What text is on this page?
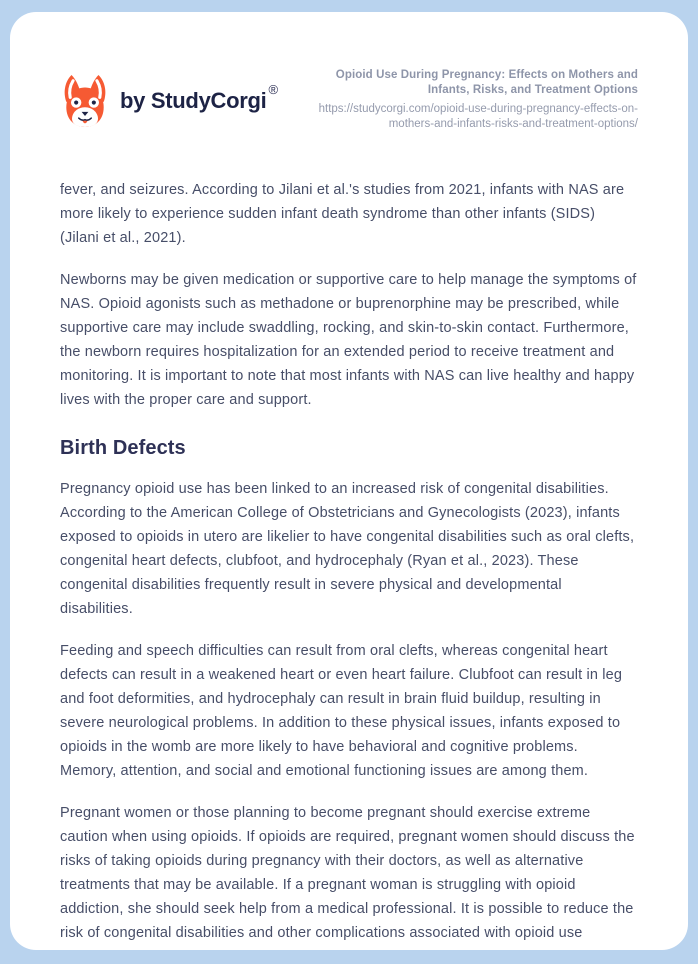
by StudyCorgi ®
Opioid Use During Pregnancy: Effects on Mothers and Infants, Risks, and Treatment Options
https://studycorgi.com/opioid-use-during-pregnancy-effects-on-mothers-and-infants-risks-and-treatment-options/

fever, and seizures. According to Jilani et al.'s studies from 2021, infants with NAS are more likely to experience sudden infant death syndrome than other infants (SIDS) (Jilani et al., 2021).

Newborns may be given medication or supportive care to help manage the symptoms of NAS. Opioid agonists such as methadone or buprenorphine may be prescribed, while supportive care may include swaddling, rocking, and skin-to-skin contact. Furthermore, the newborn requires hospitalization for an extended period to receive treatment and monitoring. It is important to note that most infants with NAS can live healthy and happy lives with the proper care and support.

Birth Defects

Pregnancy opioid use has been linked to an increased risk of congenital disabilities. According to the American College of Obstetricians and Gynecologists (2023), infants exposed to opioids in utero are likelier to have congenital disabilities such as oral clefts, congenital heart defects, clubfoot, and hydrocephaly (Ryan et al., 2023). These congenital disabilities frequently result in severe physical and developmental disabilities.

Feeding and speech difficulties can result from oral clefts, whereas congenital heart defects can result in a weakened heart or even heart failure. Clubfoot can result in leg and foot deformities, and hydrocephaly can result in brain fluid buildup, resulting in severe neurological problems. In addition to these physical issues, infants exposed to opioids in the womb are more likely to have behavioral and cognitive problems. Memory, attention, and social and emotional functioning issues are among them.

Pregnant women or those planning to become pregnant should exercise extreme caution when using opioids. If opioids are required, pregnant women should discuss the risks of taking opioids during pregnancy with their doctors, as well as alternative treatments that may be available. If a pregnant woman is struggling with opioid addiction, she should seek help from a medical professional. It is possible to reduce the risk of congenital disabilities and other complications associated with opioid use
